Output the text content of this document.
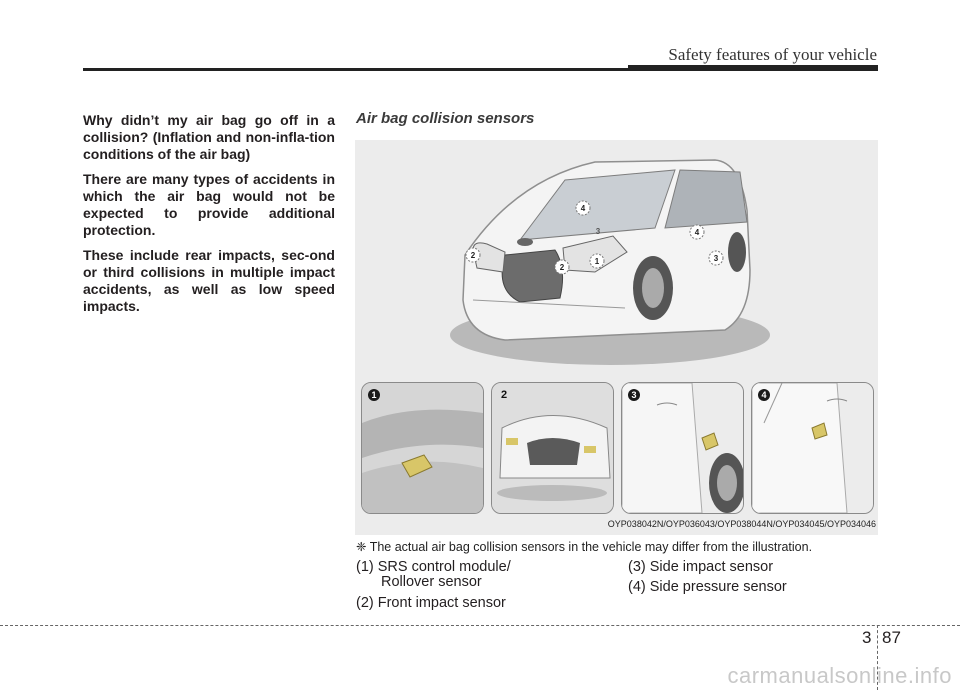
Safety features of your vehicle

Why didn’t my air bag go off in a collision? (Inflation and non-infla-tion conditions of the air bag)

There are many types of accidents in which the air bag would not be expected to provide additional protection.

These include rear impacts, sec-ond or third collisions in multiple impact accidents, as well as low speed impacts.

Air bag collision sensors
4
3	4
2
2
1	3
1	2	3	4
OYP038042N/OYP036043/OYP038044N/OYP034045/OYP034046
❈ The actual air bag collision sensors in the vehicle may differ from the illustration.
(1) SRS control module/
Rollover sensor
(2) Front impact sensor
(3) Side impact sensor
(4) Side pressure sensor
3 87
carmanualsonline.info
